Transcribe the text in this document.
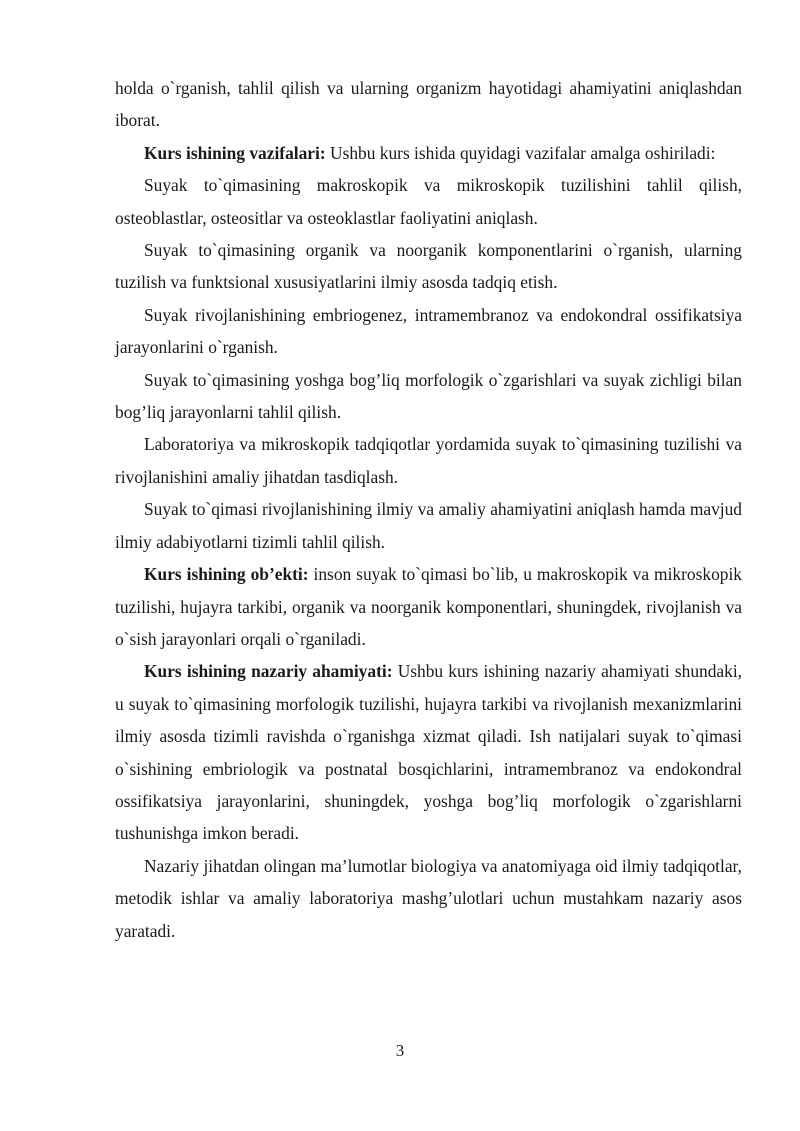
holda o`rganish, tahlil qilish va ularning organizm hayotidagi ahamiyatini aniqlashdan iborat.

Kurs ishining vazifalari: Ushbu kurs ishida quyidagi vazifalar amalga oshiriladi:

Suyak to`qimasining makroskopik va mikroskopik tuzilishini tahlil qilish, osteoblastlar, osteositlar va osteoklastlar faoliyatini aniqlash.

Suyak to`qimasining organik va noorganik komponentlarini o`rganish, ularning tuzilish va funktsional xususiyatlarini ilmiy asosda tadqiq etish.

Suyak rivojlanishining embriogenez, intramembranoz va endokondral ossifikatsiya jarayonlarini o`rganish.

Suyak to`qimasining yoshga bog’liq morfologik o`zgarishlari va suyak zichligi bilan bog’liq jarayonlarni tahlil qilish.

Laboratoriya va mikroskopik tadqiqotlar yordamida suyak to`qimasining tuzilishi va rivojlanishini amaliy jihatdan tasdiqlash.

Suyak to`qimasi rivojlanishining ilmiy va amaliy ahamiyatini aniqlash hamda mavjud ilmiy adabiyotlarni tizimli tahlil qilish.

Kurs ishining ob’ekti: inson suyak to`qimasi bo`lib, u makroskopik va mikroskopik tuzilishi, hujayra tarkibi, organik va noorganik komponentlari, shuningdek, rivojlanish va o`sish jarayonlari orqali o`rganiladi.

Kurs ishining nazariy ahamiyati: Ushbu kurs ishining nazariy ahamiyati shundaki, u suyak to`qimasining morfologik tuzilishi, hujayra tarkibi va rivojlanish mexanizmlarini ilmiy asosda tizimli ravishda o`rganishga xizmat qiladi. Ish natijalari suyak to`qimasi o`sishining embriologik va postnatal bosqichlarini, intramembranoz va endokondral ossifikatsiya jarayonlarini, shuningdek, yoshga bog’liq morfologik o`zgarishlarni tushunishga imkon beradi.

Nazariy jihatdan olingan ma’lumotlar biologiya va anatomiyaga oid ilmiy tadqiqotlar, metodik ishlar va amaliy laboratoriya mashg’ulotlari uchun mustahkam nazariy asos yaratadi.

3
